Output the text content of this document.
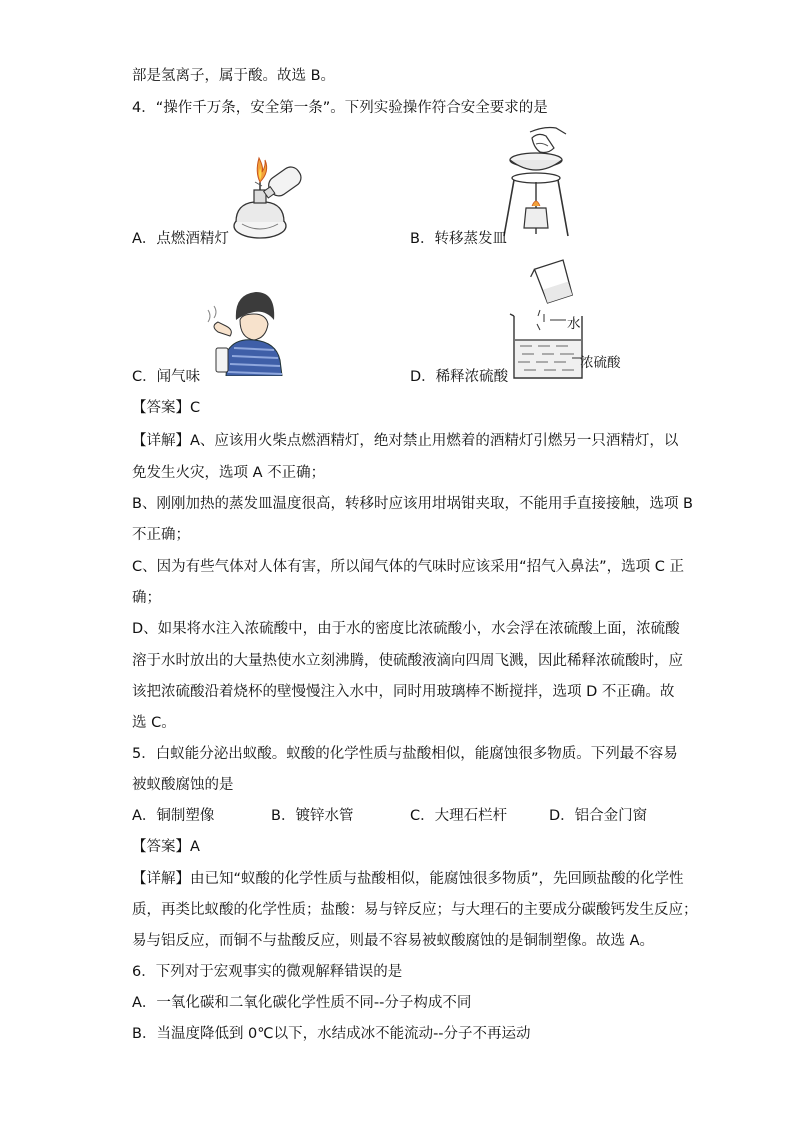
部是氢离子，属于酸。故选 B。
4．“操作千万条，安全第一条”。下列实验操作符合安全要求的是
A．点燃酒精灯	B．转移蒸发皿
水
浓硫酸
C．闻气味	D．稀释浓硫酸
【答案】C
【详解】A、应该用火柴点燃酒精灯，绝对禁止用燃着的酒精灯引燃另一只酒精灯，以
免发生火灾，选项 A 不正确；
B、刚刚加热的蒸发皿温度很高，转移时应该用坩埚钳夹取，不能用手直接接触，选项 B
不正确；
C、因为有些气体对人体有害，所以闻气体的气味时应该采用“招气入鼻法”，选项 C 正
确；
D、如果将水注入浓硫酸中，由于水的密度比浓硫酸小，水会浮在浓硫酸上面，浓硫酸
溶于水时放出的大量热使水立刻沸腾，使硫酸液滴向四周飞溅，因此稀释浓硫酸时，应
该把浓硫酸沿着烧杯的壁慢慢注入水中，同时用玻璃棒不断搅拌，选项 D 不正确。故
选 C。
5．白蚁能分泌出蚁酸。蚁酸的化学性质与盐酸相似，能腐蚀很多物质。下列最不容易
被蚁酸腐蚀的是
A．铜制塑像	B．镀锌水管	C．大理石栏杆	D．铝合金门窗
【答案】A
【详解】由已知“蚁酸的化学性质与盐酸相似，能腐蚀很多物质”，先回顾盐酸的化学性
质，再类比蚁酸的化学性质；盐酸：易与锌反应；与大理石的主要成分碳酸钙发生反应；
易与铝反应，而铜不与盐酸反应，则最不容易被蚁酸腐蚀的是铜制塑像。故选 A。
6．下列对于宏观事实的微观解释错误的是
A．一氧化碳和二氧化碳化学性质不同--分子构成不同
B．当温度降低到 0℃以下，水结成冰不能流动--分子不再运动
